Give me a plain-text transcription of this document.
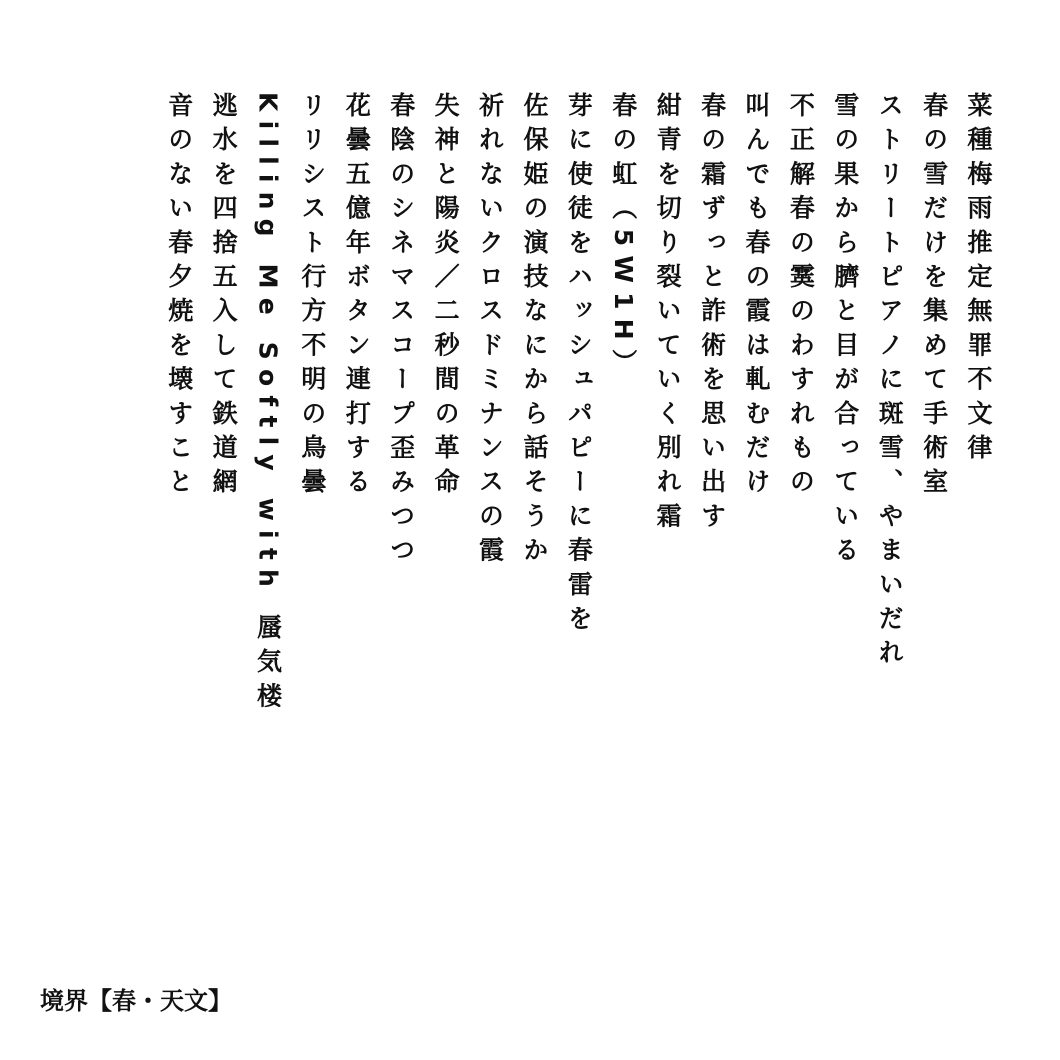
菜種梅雨推定無罪不文律
春の雪だけを集めて手術室
ストリートピアノに斑雪、やまいだれ
雪の果から臍と目が合っている
不正解春の霙のわすれもの
叫んでも春の霞は軋むだけ
春の霜ずっと詐術を思い出す
紺青を切り裂いていく別れ霜
春の虹（5W1H）
芽に使徒をハッシュパピーに春雷を
佐保姫の演技なにから話そうか
祈れないクロスドミナンスの霞
失神と陽炎／二秒間の革命
春陰のシネマスコープ歪みつつ
花曇五億年ボタン連打する
リリシスト行方不明の鳥曇
Killing Me Softly with 蜃気楼
逃水を四捨五入して鉄道網
音のない春夕焼を壊すこと
境界【春・天文】
